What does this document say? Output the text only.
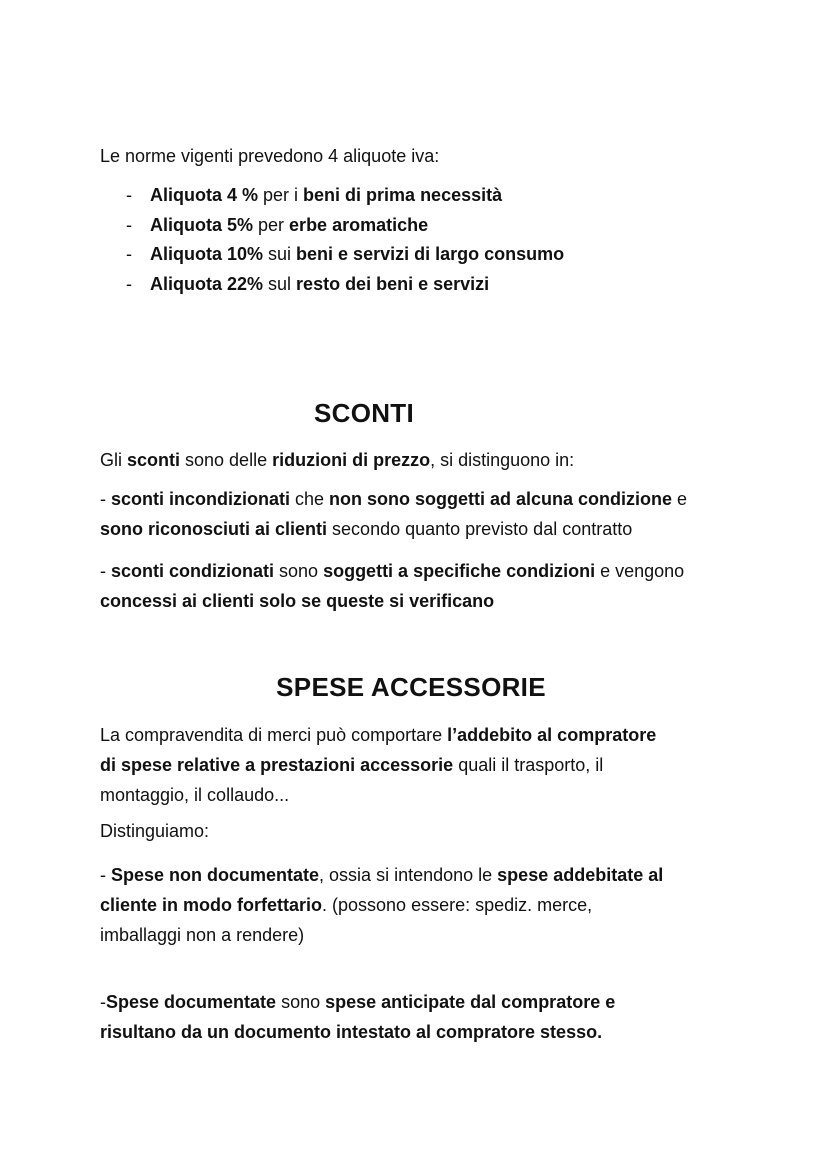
Le norme vigenti prevedono 4 aliquote iva:

- Aliquota 4 % per i beni di prima necessità
- Aliquota 5% per erbe aromatiche
- Aliquota 10% sui beni e servizi di largo consumo
- Aliquota 22% sul resto dei beni e servizi
SCONTI

Gli sconti sono delle riduzioni di prezzo, si distinguono in:

- sconti incondizionati che non sono soggetti ad alcuna condizione e

sono riconosciuti ai clienti secondo quanto previsto dal contratto

- sconti condizionati sono soggetti a specifiche condizioni e vengono

concessi ai clienti solo se queste si verificano

SPESE ACCESSORIE

La compravendita di merci può comportare l’addebito al compratore

di spese relative a prestazioni accessorie quali il trasporto, il

montaggio, il collaudo...

Distinguiamo:

- Spese non documentate, ossia si intendono le spese addebitate al

cliente in modo forfettario. (possono essere: spediz. merce,

imballaggi non a rendere)

-Spese documentate sono spese anticipate dal compratore e

risultano da un documento intestato al compratore stesso.
